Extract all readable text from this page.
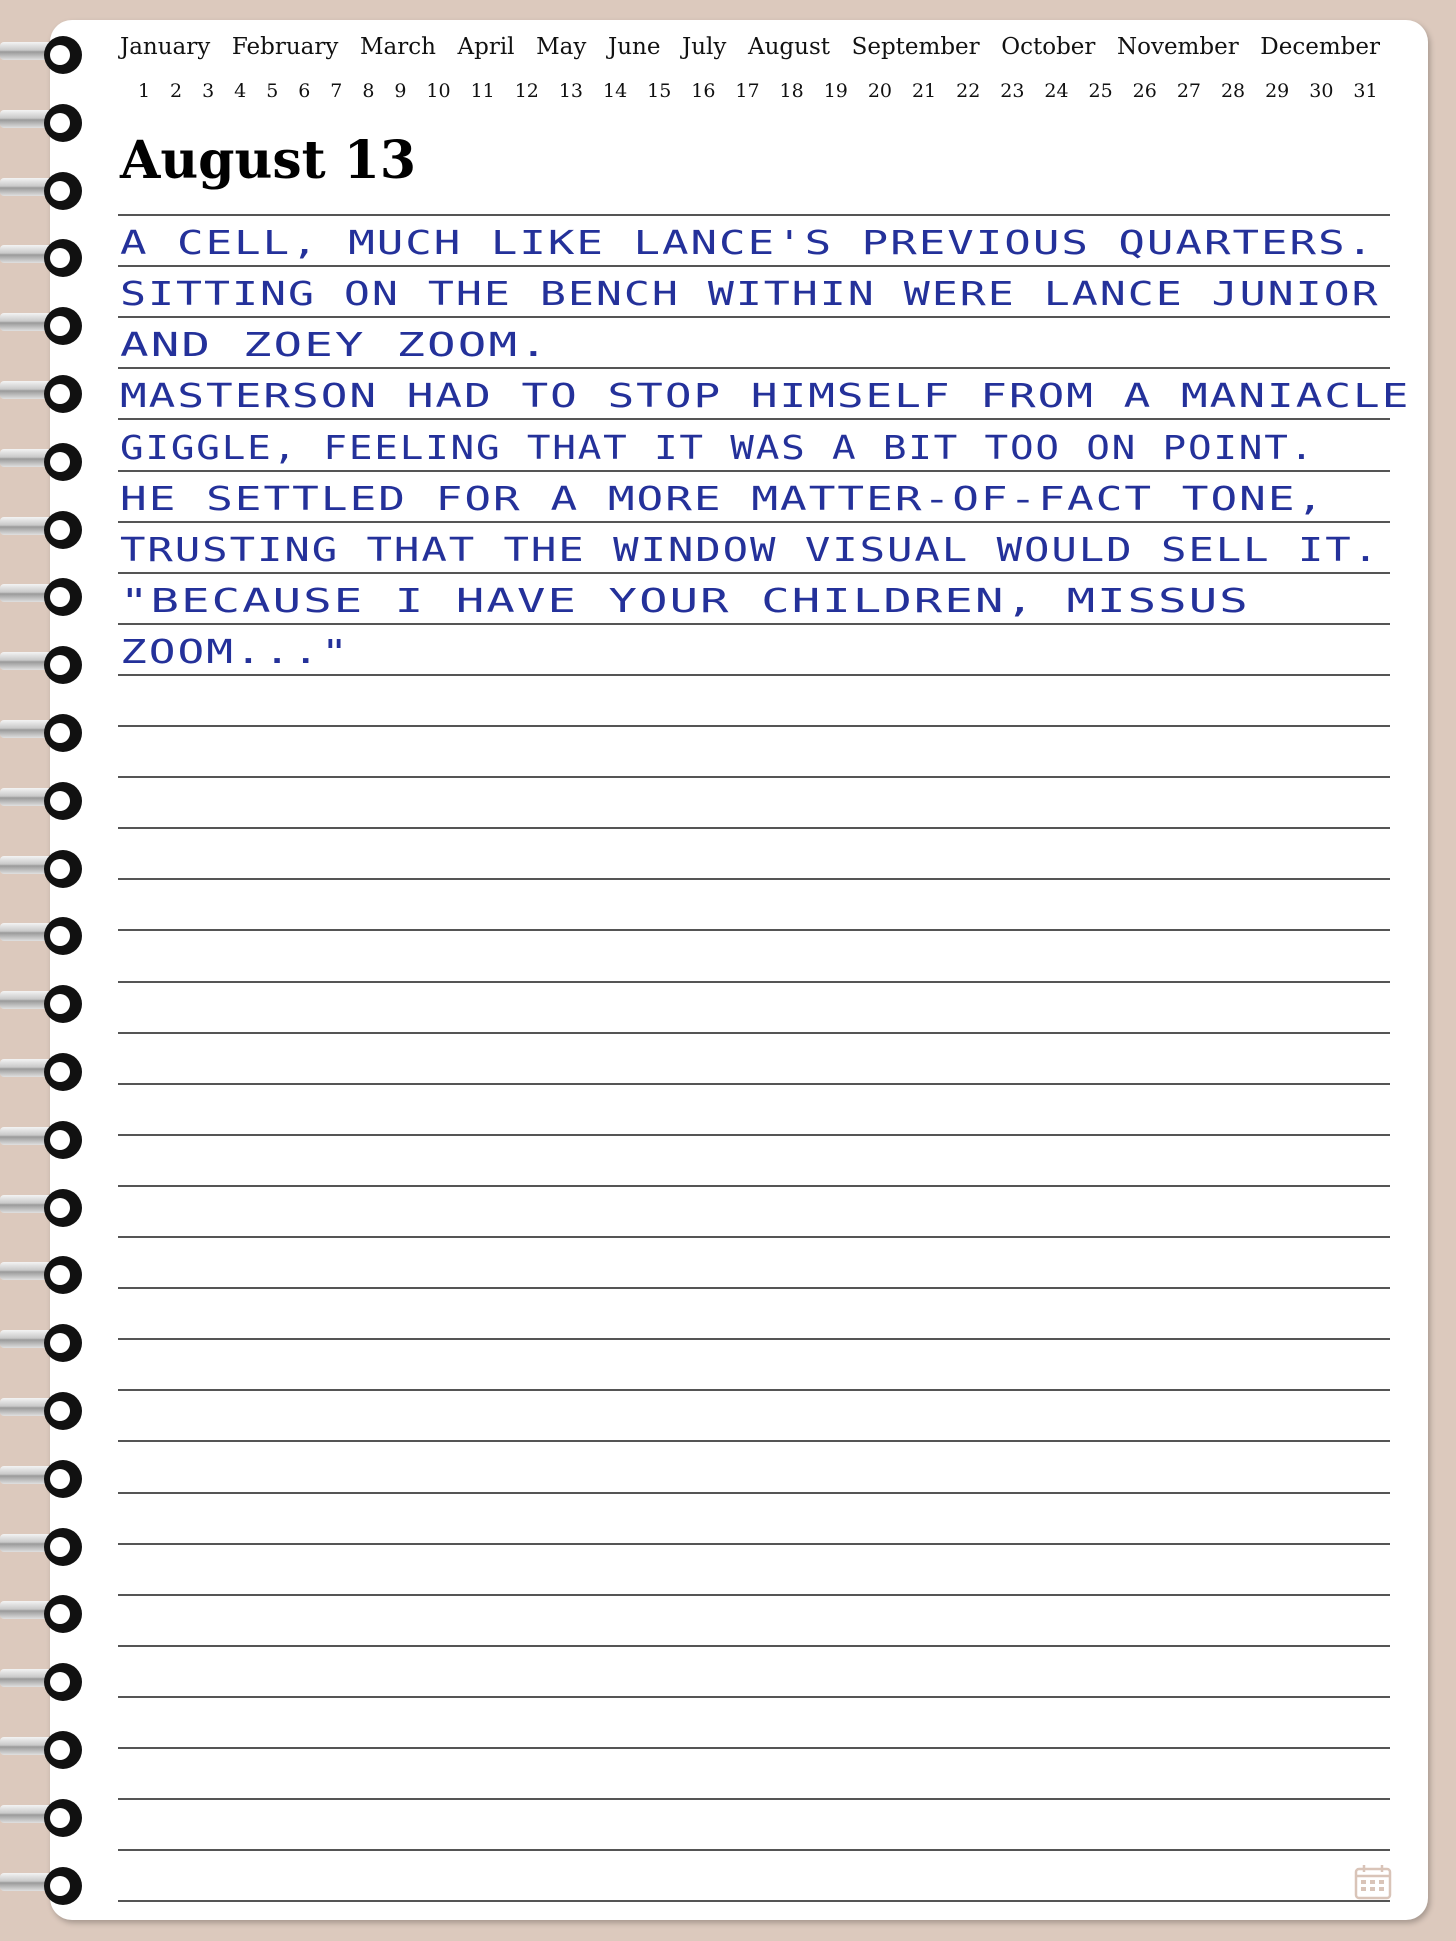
January February March April May June July August September October November December
1 2 3 4 5 6 7 8 9 10 11 12 13 14 15 16 17 18 19 20 21 22 23 24 25 26 27 28 29 30 31
August 13
A CELL, MUCH LIKE LANCE'S PREVIOUS QUARTERS.
SITTING ON THE BENCH WITHIN WERE LANCE JUNIOR
AND ZOEY ZOOM.
MASTERSON HAD TO STOP HIMSELF FROM A MANIACLE
GIGGLE, FEELING THAT IT WAS A BIT TOO ON POINT.
HE SETTLED FOR A MORE MATTER-OF-FACT TONE,
TRUSTING THAT THE WINDOW VISUAL WOULD SELL IT.
"BECAUSE I HAVE YOUR CHILDREN, MISSUS
ZOOM..."
